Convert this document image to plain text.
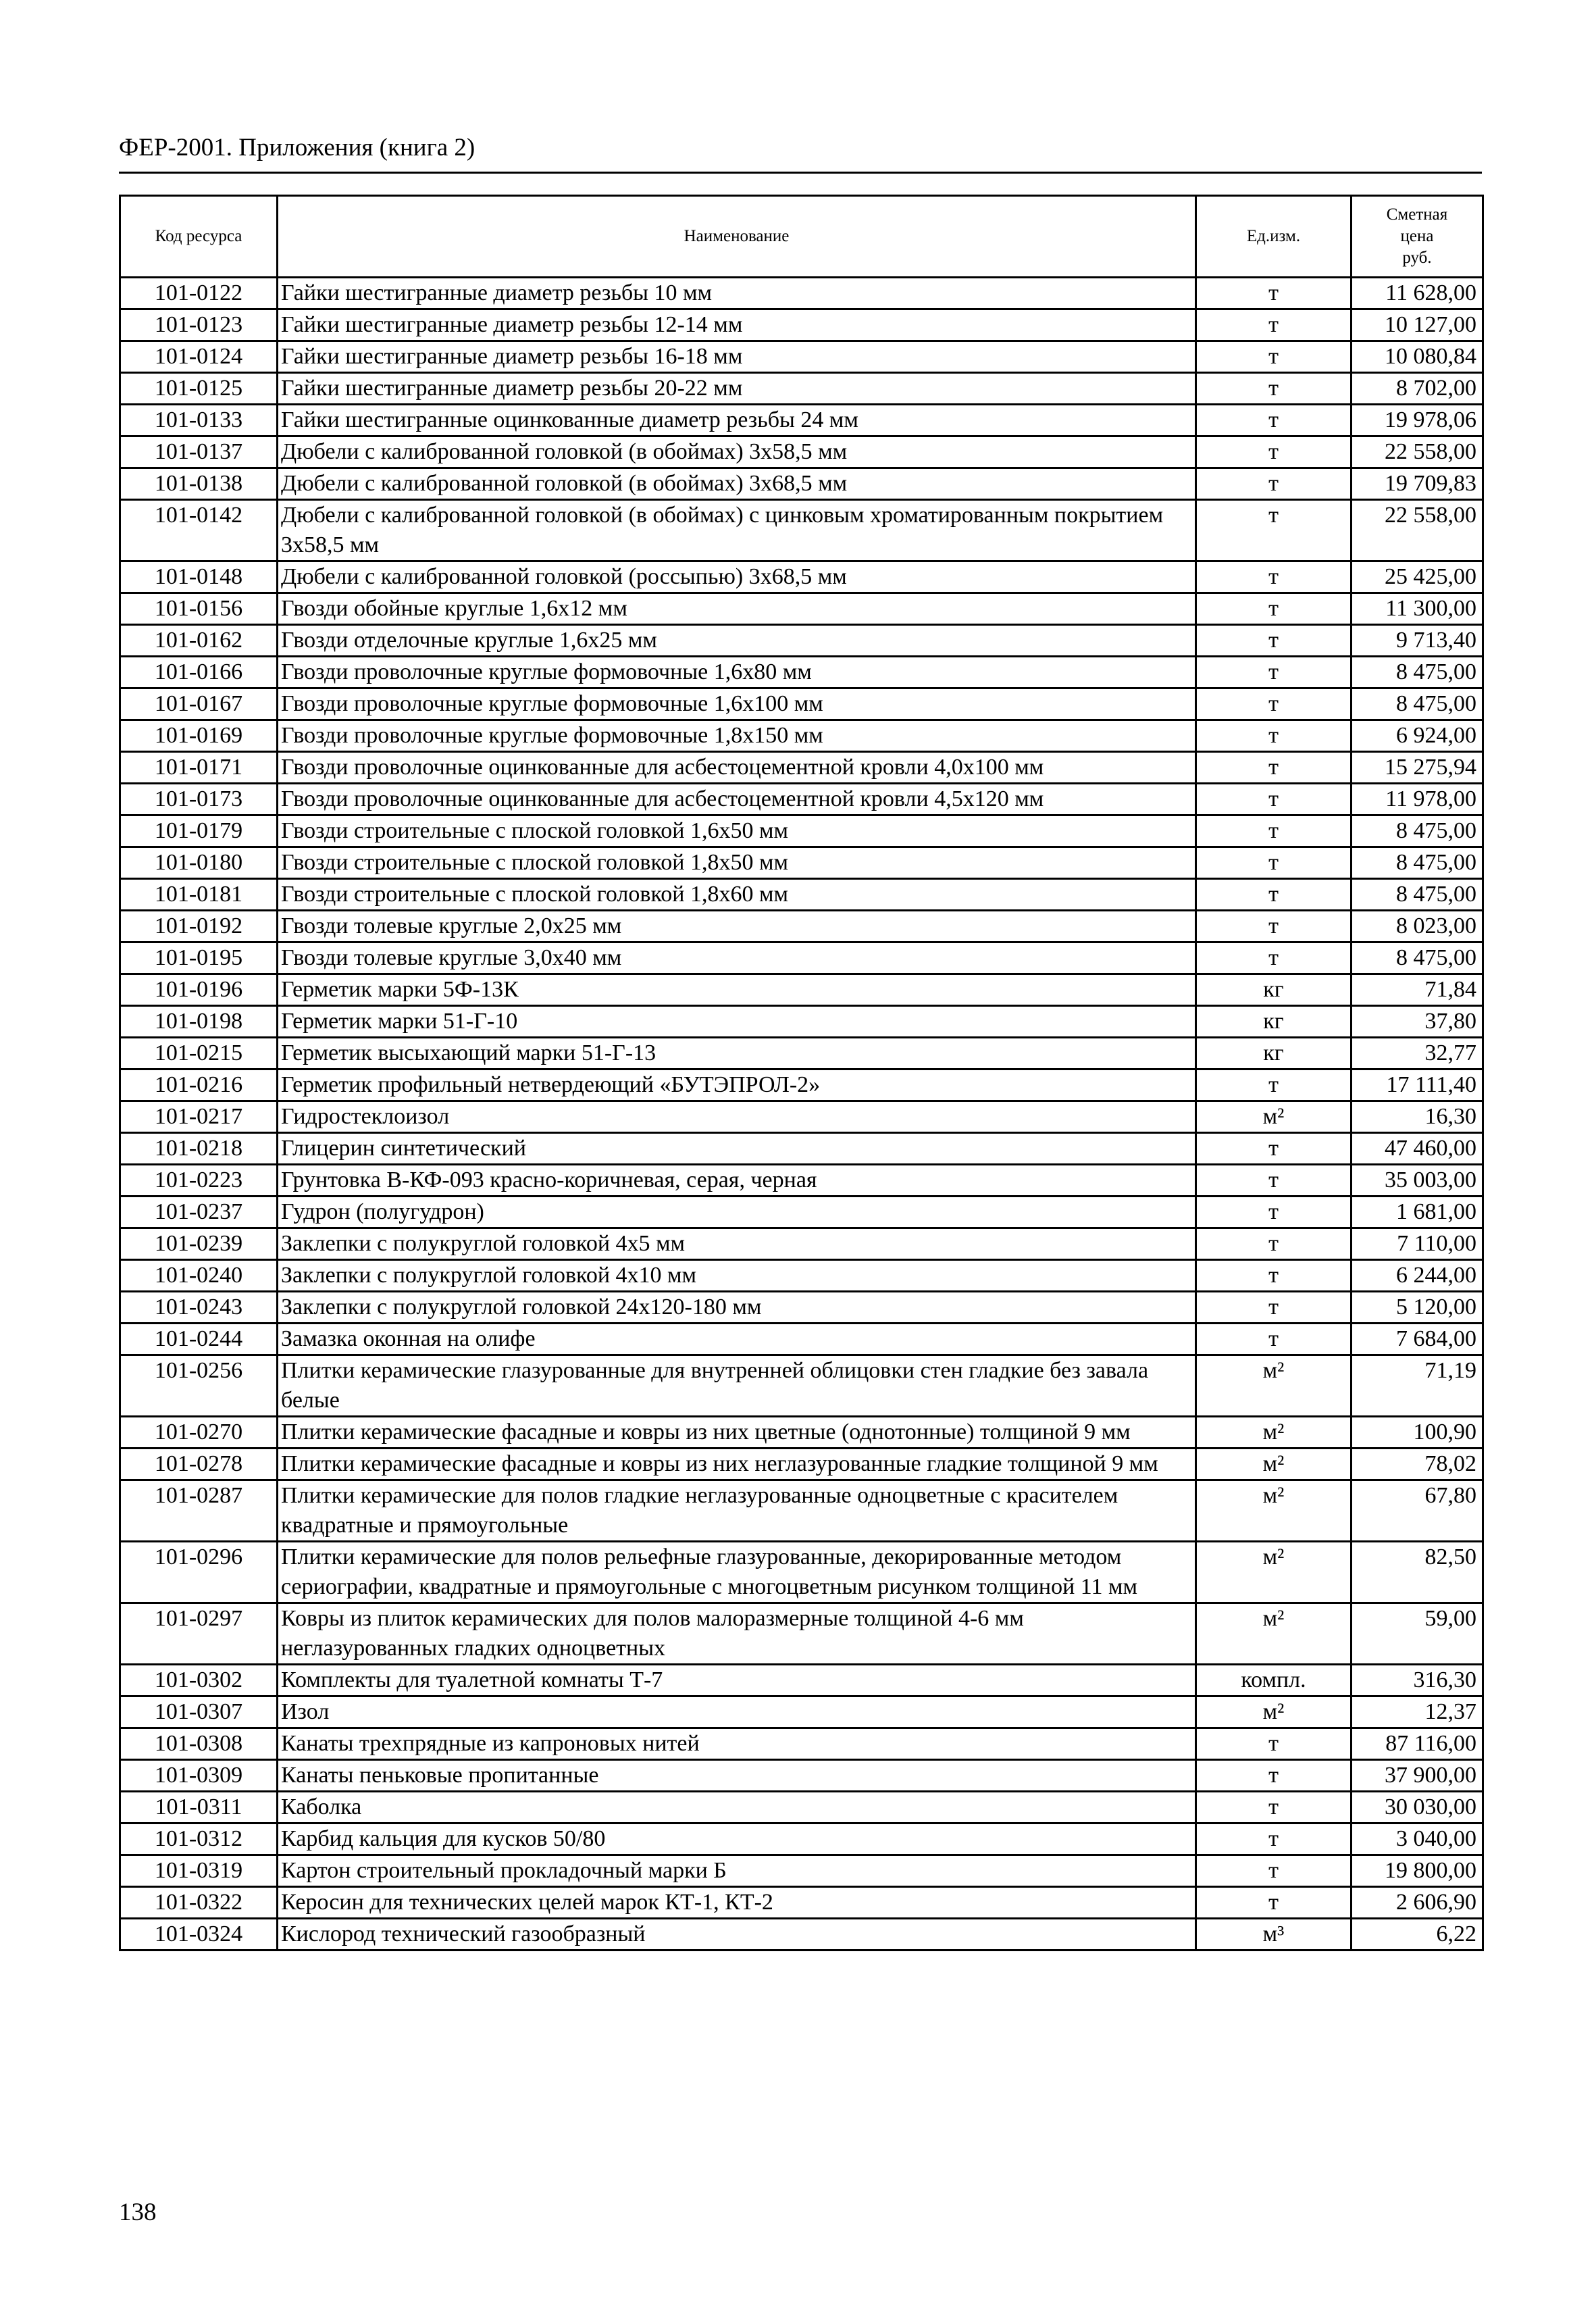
ФЕР-2001. Приложения (книга 2)
Код ресурса	Наименование	Ед.изм.	Сметная
цена
руб.
101-0122	Гайки шестигранные диаметр резьбы 10 мм	т	11 628,00
101-0123	Гайки шестигранные диаметр резьбы 12-14 мм	т	10 127,00
101-0124	Гайки шестигранные диаметр резьбы 16-18 мм	т	10 080,84
101-0125	Гайки шестигранные диаметр резьбы 20-22 мм	т	8 702,00
101-0133	Гайки шестигранные оцинкованные диаметр резьбы 24 мм	т	19 978,06
101-0137	Дюбели с калиброванной головкой (в обоймах) 3х58,5 мм	т	22 558,00
101-0138	Дюбели с калиброванной головкой (в обоймах) 3х68,5 мм	т	19 709,83
101-0142	Дюбели с калиброванной головкой (в обоймах) с цинковым хроматированным покрытием 3х58,5 мм	т	22 558,00
101-0148	Дюбели с калиброванной головкой (россыпью) 3х68,5 мм	т	25 425,00
101-0156	Гвозди обойные круглые 1,6х12 мм	т	11 300,00
101-0162	Гвозди отделочные круглые 1,6х25 мм	т	9 713,40
101-0166	Гвозди проволочные круглые формовочные 1,6х80 мм	т	8 475,00
101-0167	Гвозди проволочные круглые формовочные 1,6х100 мм	т	8 475,00
101-0169	Гвозди проволочные круглые формовочные 1,8х150 мм	т	6 924,00
101-0171	Гвозди проволочные оцинкованные для асбестоцементной кровли 4,0х100 мм	т	15 275,94
101-0173	Гвозди проволочные оцинкованные для асбестоцементной кровли 4,5х120 мм	т	11 978,00
101-0179	Гвозди строительные с плоской головкой 1,6х50 мм	т	8 475,00
101-0180	Гвозди строительные с плоской головкой 1,8х50 мм	т	8 475,00
101-0181	Гвозди строительные с плоской головкой 1,8х60 мм	т	8 475,00
101-0192	Гвозди толевые круглые 2,0х25 мм	т	8 023,00
101-0195	Гвозди толевые круглые 3,0х40 мм	т	8 475,00
101-0196	Герметик марки 5Ф-13К	кг	71,84
101-0198	Герметик марки 51-Г-10	кг	37,80
101-0215	Герметик высыхающий марки 51-Г-13	кг	32,77
101-0216	Герметик профильный нетвердеющий «БУТЭПРОЛ-2»	т	17 111,40
101-0217	Гидростеклоизол	м²	16,30
101-0218	Глицерин синтетический	т	47 460,00
101-0223	Грунтовка В-КФ-093 красно-коричневая, серая, черная	т	35 003,00
101-0237	Гудрон (полугудрон)	т	1 681,00
101-0239	Заклепки с полукруглой головкой 4х5 мм	т	7 110,00
101-0240	Заклепки с полукруглой головкой 4х10 мм	т	6 244,00
101-0243	Заклепки с полукруглой головкой 24х120-180 мм	т	5 120,00
101-0244	Замазка оконная на олифе	т	7 684,00
101-0256	Плитки керамические глазурованные для внутренней облицовки стен гладкие без завала белые	м²	71,19
101-0270	Плитки керамические фасадные и ковры из них цветные (однотонные) толщиной 9 мм	м²	100,90
101-0278	Плитки керамические фасадные и ковры из них неглазурованные гладкие толщиной 9 мм	м²	78,02
101-0287	Плитки керамические для полов гладкие неглазурованные одноцветные с красителем квадратные и прямоугольные	м²	67,80
101-0296	Плитки керамические для полов рельефные глазурованные, декорированные методом сериографии, квадратные и прямоугольные с многоцветным рисунком толщиной 11 мм	м²	82,50
101-0297	Ковры из плиток керамических для полов малоразмерные толщиной 4-6 мм неглазурованных гладких одноцветных	м²	59,00
101-0302	Комплекты для туалетной комнаты Т-7	компл.	316,30
101-0307	Изол	м²	12,37
101-0308	Канаты трехпрядные из капроновых нитей	т	87 116,00
101-0309	Канаты пеньковые пропитанные	т	37 900,00
101-0311	Каболка	т	30 030,00
101-0312	Карбид кальция для кусков 50/80	т	3 040,00
101-0319	Картон строительный прокладочный марки Б	т	19 800,00
101-0322	Керосин для технических целей марок КТ-1, КТ-2	т	2 606,90
101-0324	Кислород технический газообразный	м³	6,22
138
